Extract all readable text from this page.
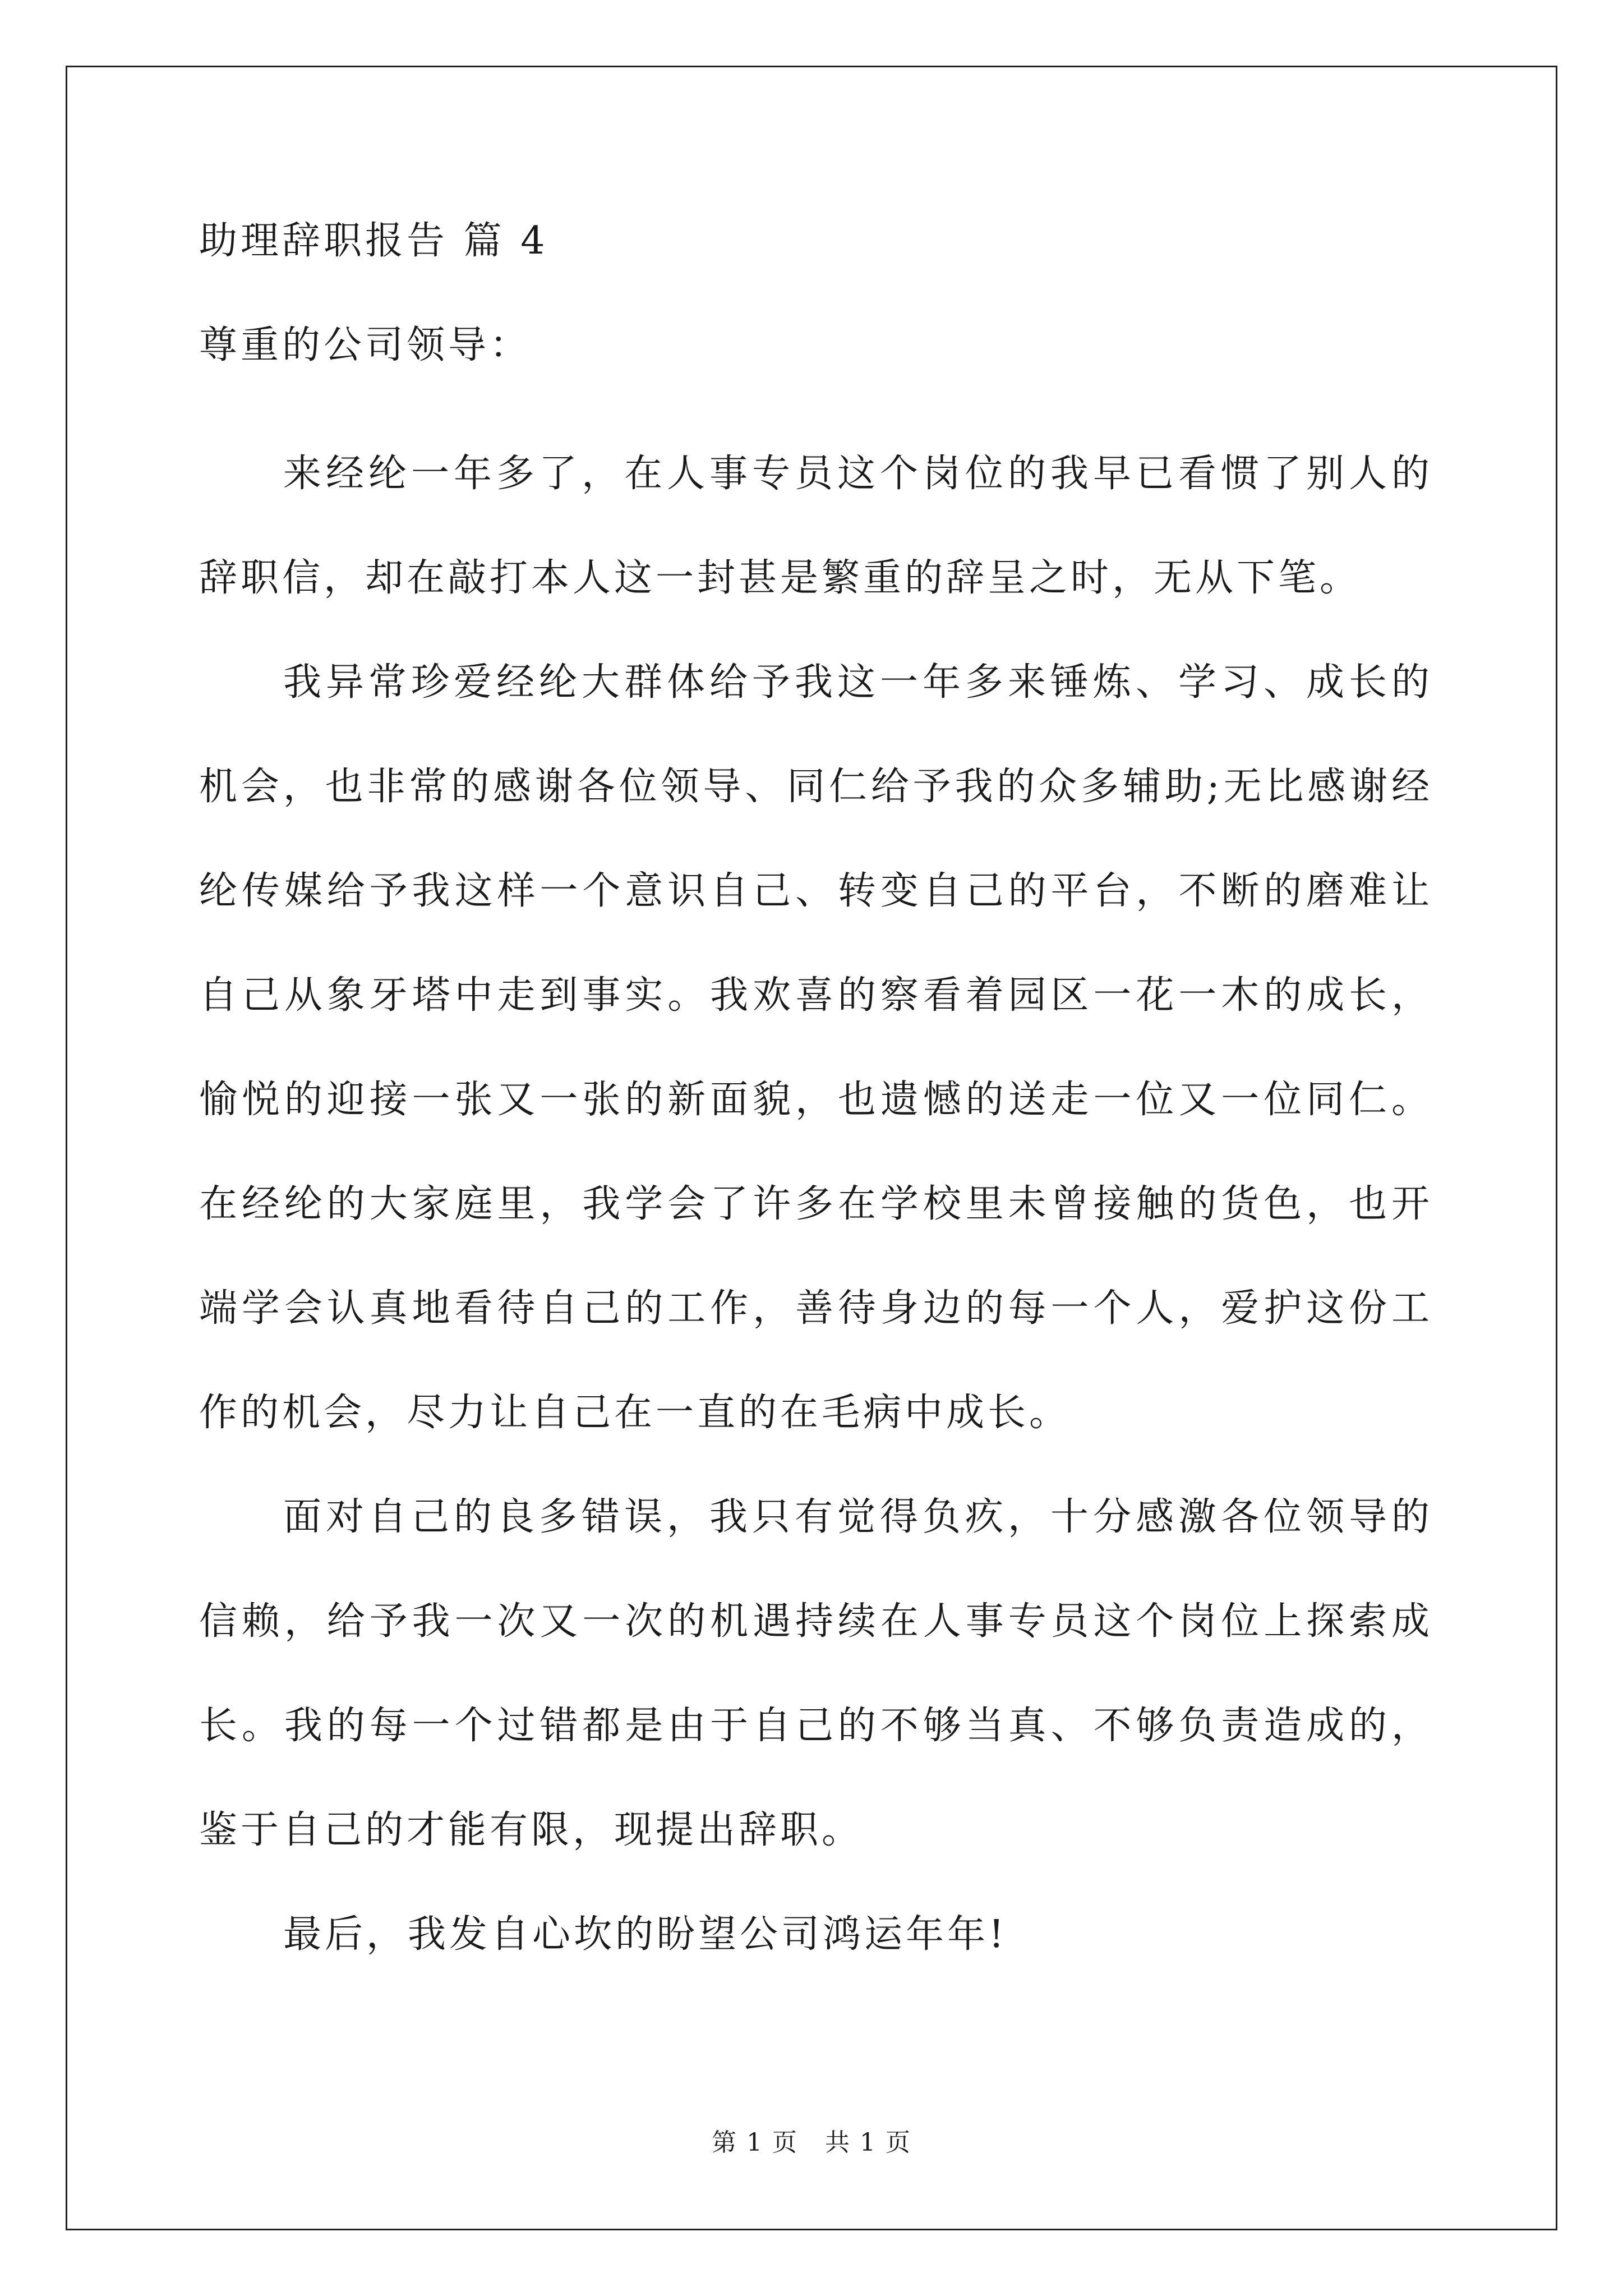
助理辞职报告 篇 4

尊重的公司领导：

来经纶一年多了，在人事专员这个岗位的我早已看惯了别人的辞职信，却在敲打本人这一封甚是繁重的辞呈之时，无从下笔。

我异常珍爱经纶大群体给予我这一年多来锤炼、学习、成长的机会，也非常的感谢各位领导、同仁给予我的众多辅助;无比感谢经纶传媒给予我这样一个意识自己、转变自己的平台，不断的磨难让自己从象牙塔中走到事实。我欢喜的察看着园区一花一木的成长，愉悦的迎接一张又一张的新面貌，也遗憾的送走一位又一位同仁。在经纶的大家庭里，我学会了许多在学校里未曾接触的货色，也开端学会认真地看待自己的工作，善待身边的每一个人，爱护这份工作的机会，尽力让自己在一直的在毛病中成长。

面对自己的良多错误，我只有觉得负疚，十分感激各位领导的信赖，给予我一次又一次的机遇持续在人事专员这个岗位上探索成长。我的每一个过错都是由于自己的不够当真、不够负责造成的，鉴于自己的才能有限，现提出辞职。

最后，我发自心坎的盼望公司鸿运年年!

第 1 页 共 1 页
